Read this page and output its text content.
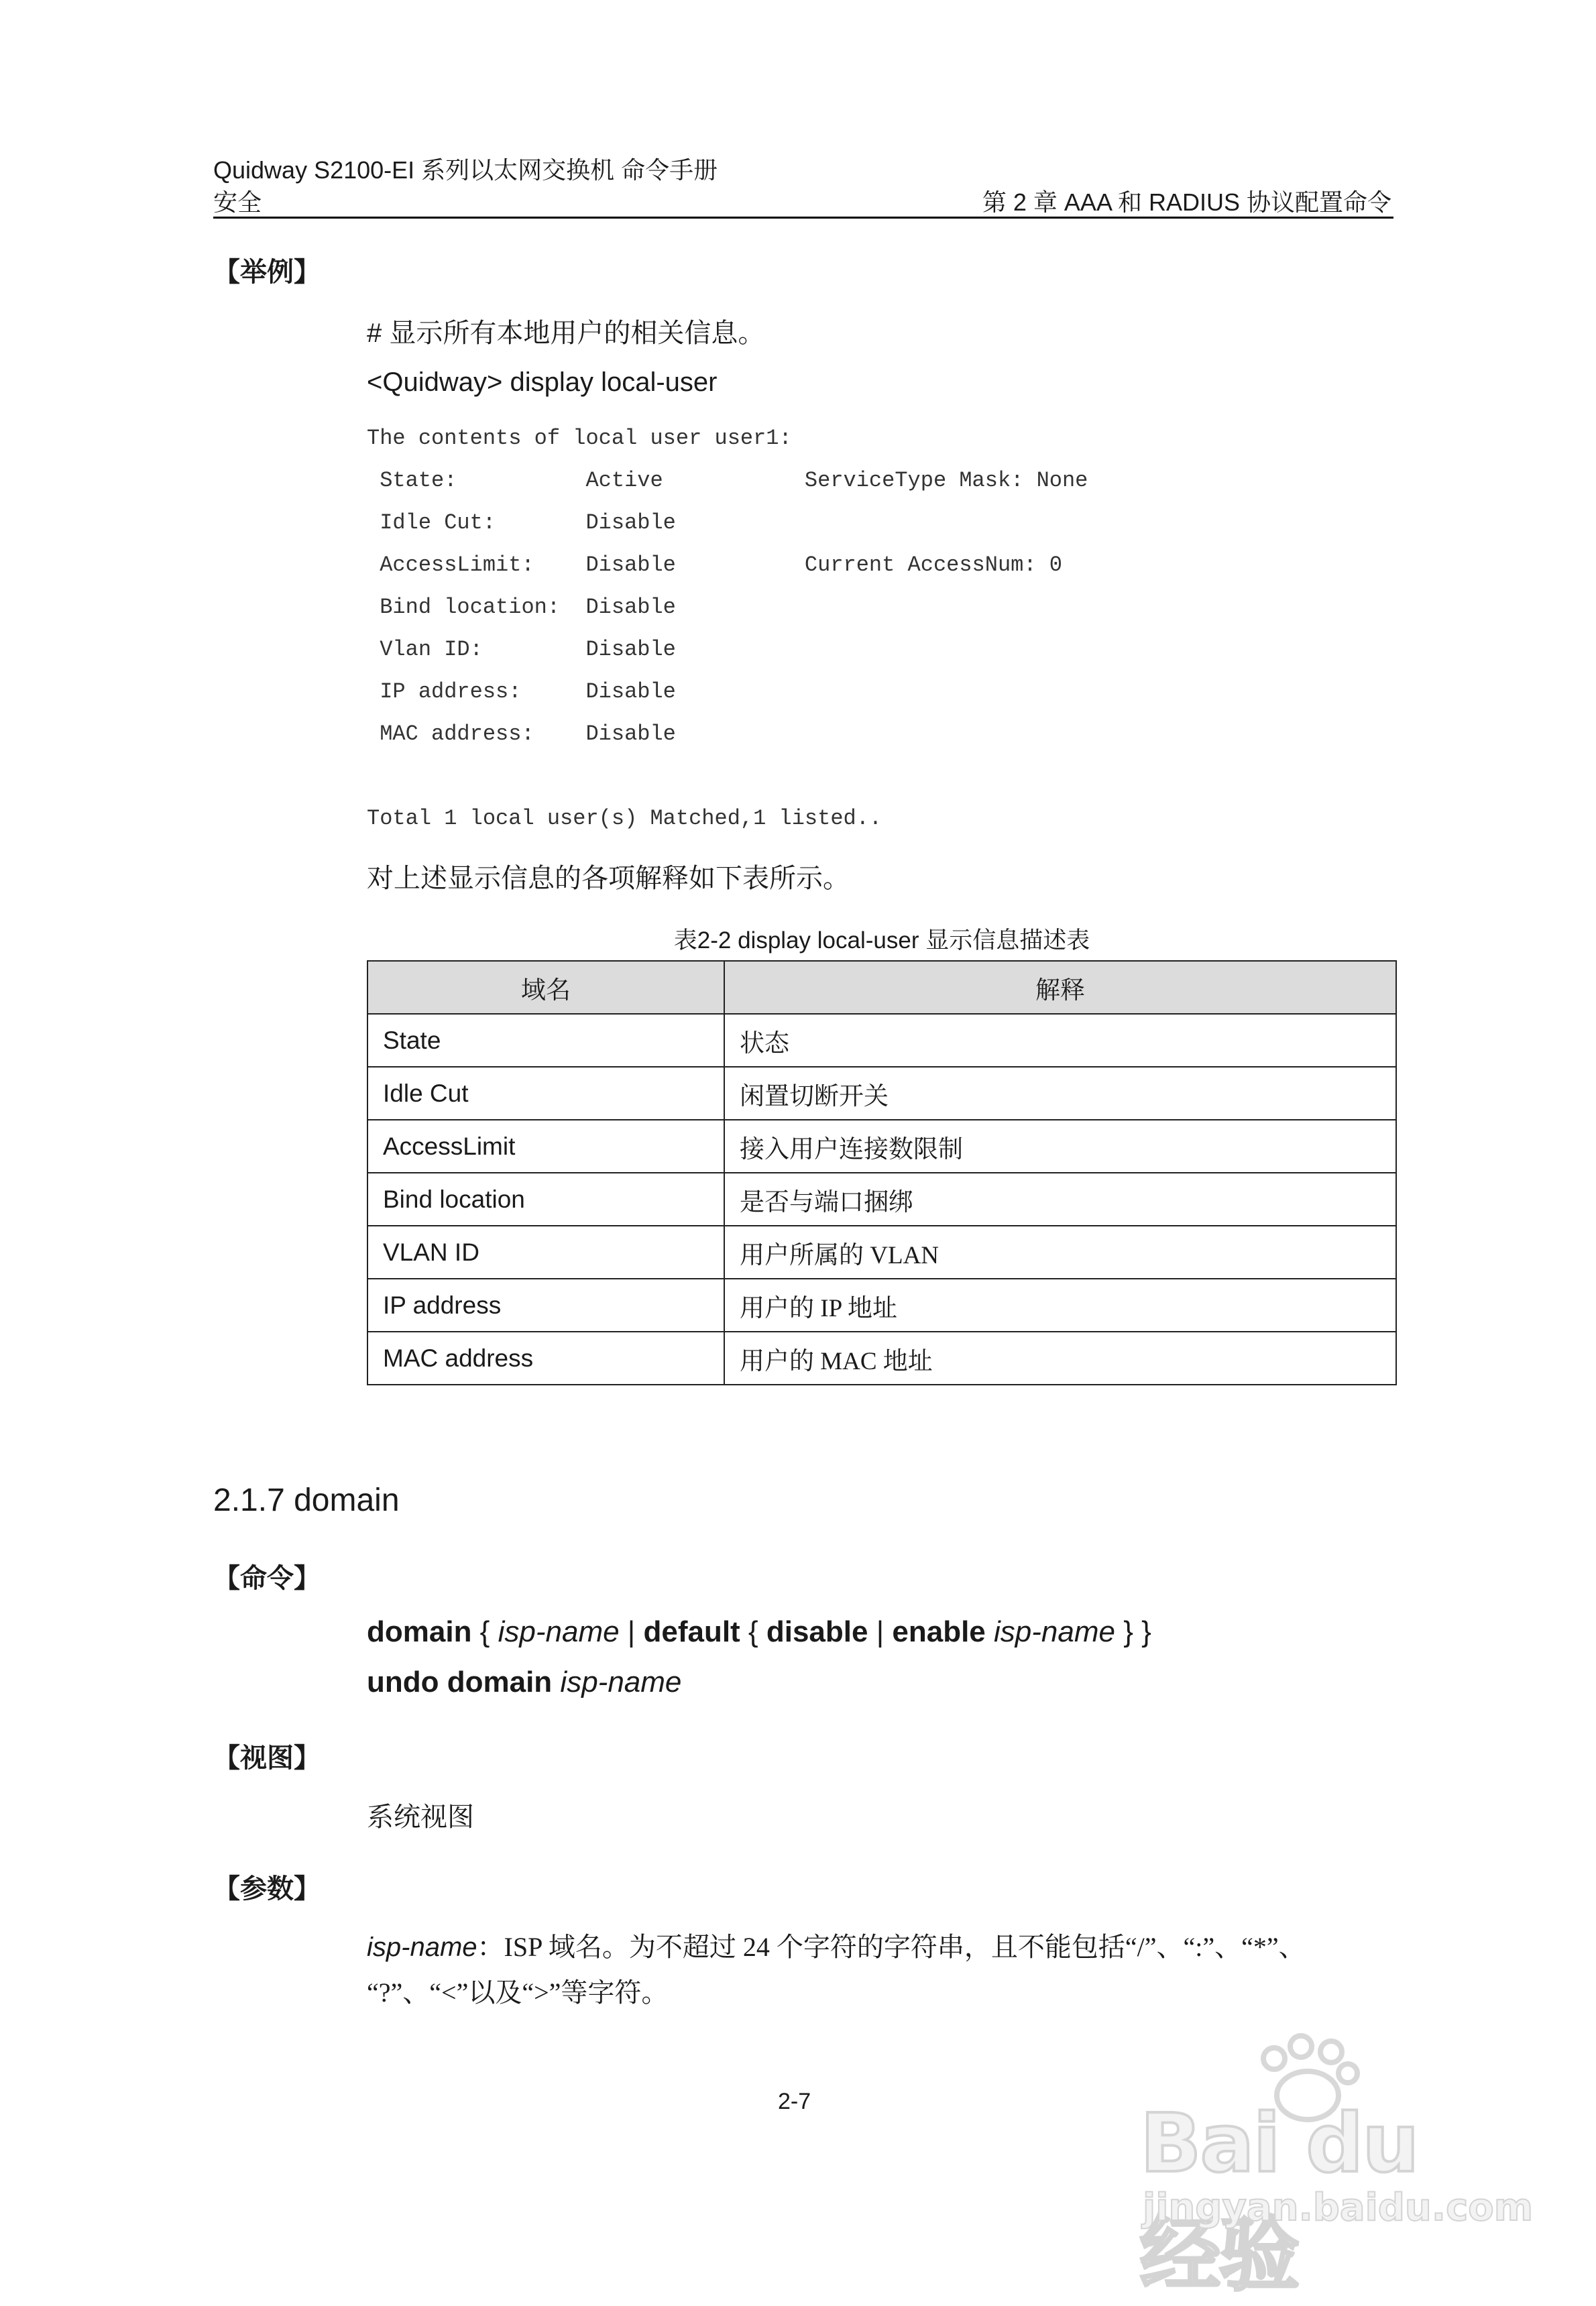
Quidway S2100-EI 系列以太网交换机 命令手册
安全	第 2 章 AAA 和 RADIUS 协议配置命令
【举例】
# 显示所有本地用户的相关信息。
<Quidway> display local-user
The contents of local user user1:
State:          Active           ServiceType Mask: None
Idle Cut:       Disable
AccessLimit:    Disable          Current AccessNum: 0
Bind location:  Disable
Vlan ID:        Disable
IP address:     Disable
MAC address:    Disable
Total 1 local user(s) Matched,1 listed..
对上述显示信息的各项解释如下表所示。
表2-2 display local-user 显示信息描述表
域名	解释
State	状态
Idle Cut	闲置切断开关
AccessLimit	接入用户连接数限制
Bind location	是否与端口捆绑
VLAN ID	用户所属的 VLAN
IP address	用户的 IP 地址
MAC address	用户的 MAC 地址
2.1.7 domain
【命令】
domain { isp-name | default { disable | enable isp-name } }
undo domain isp-name
【视图】
系统视图
【参数】
isp-name：ISP 域名。为不超过 24 个字符的字符串，且不能包括“/”、“:”、“*”、
“?”、“<”以及“>”等字符。
2-7	Bai du 经验
jingyan.baidu.com
